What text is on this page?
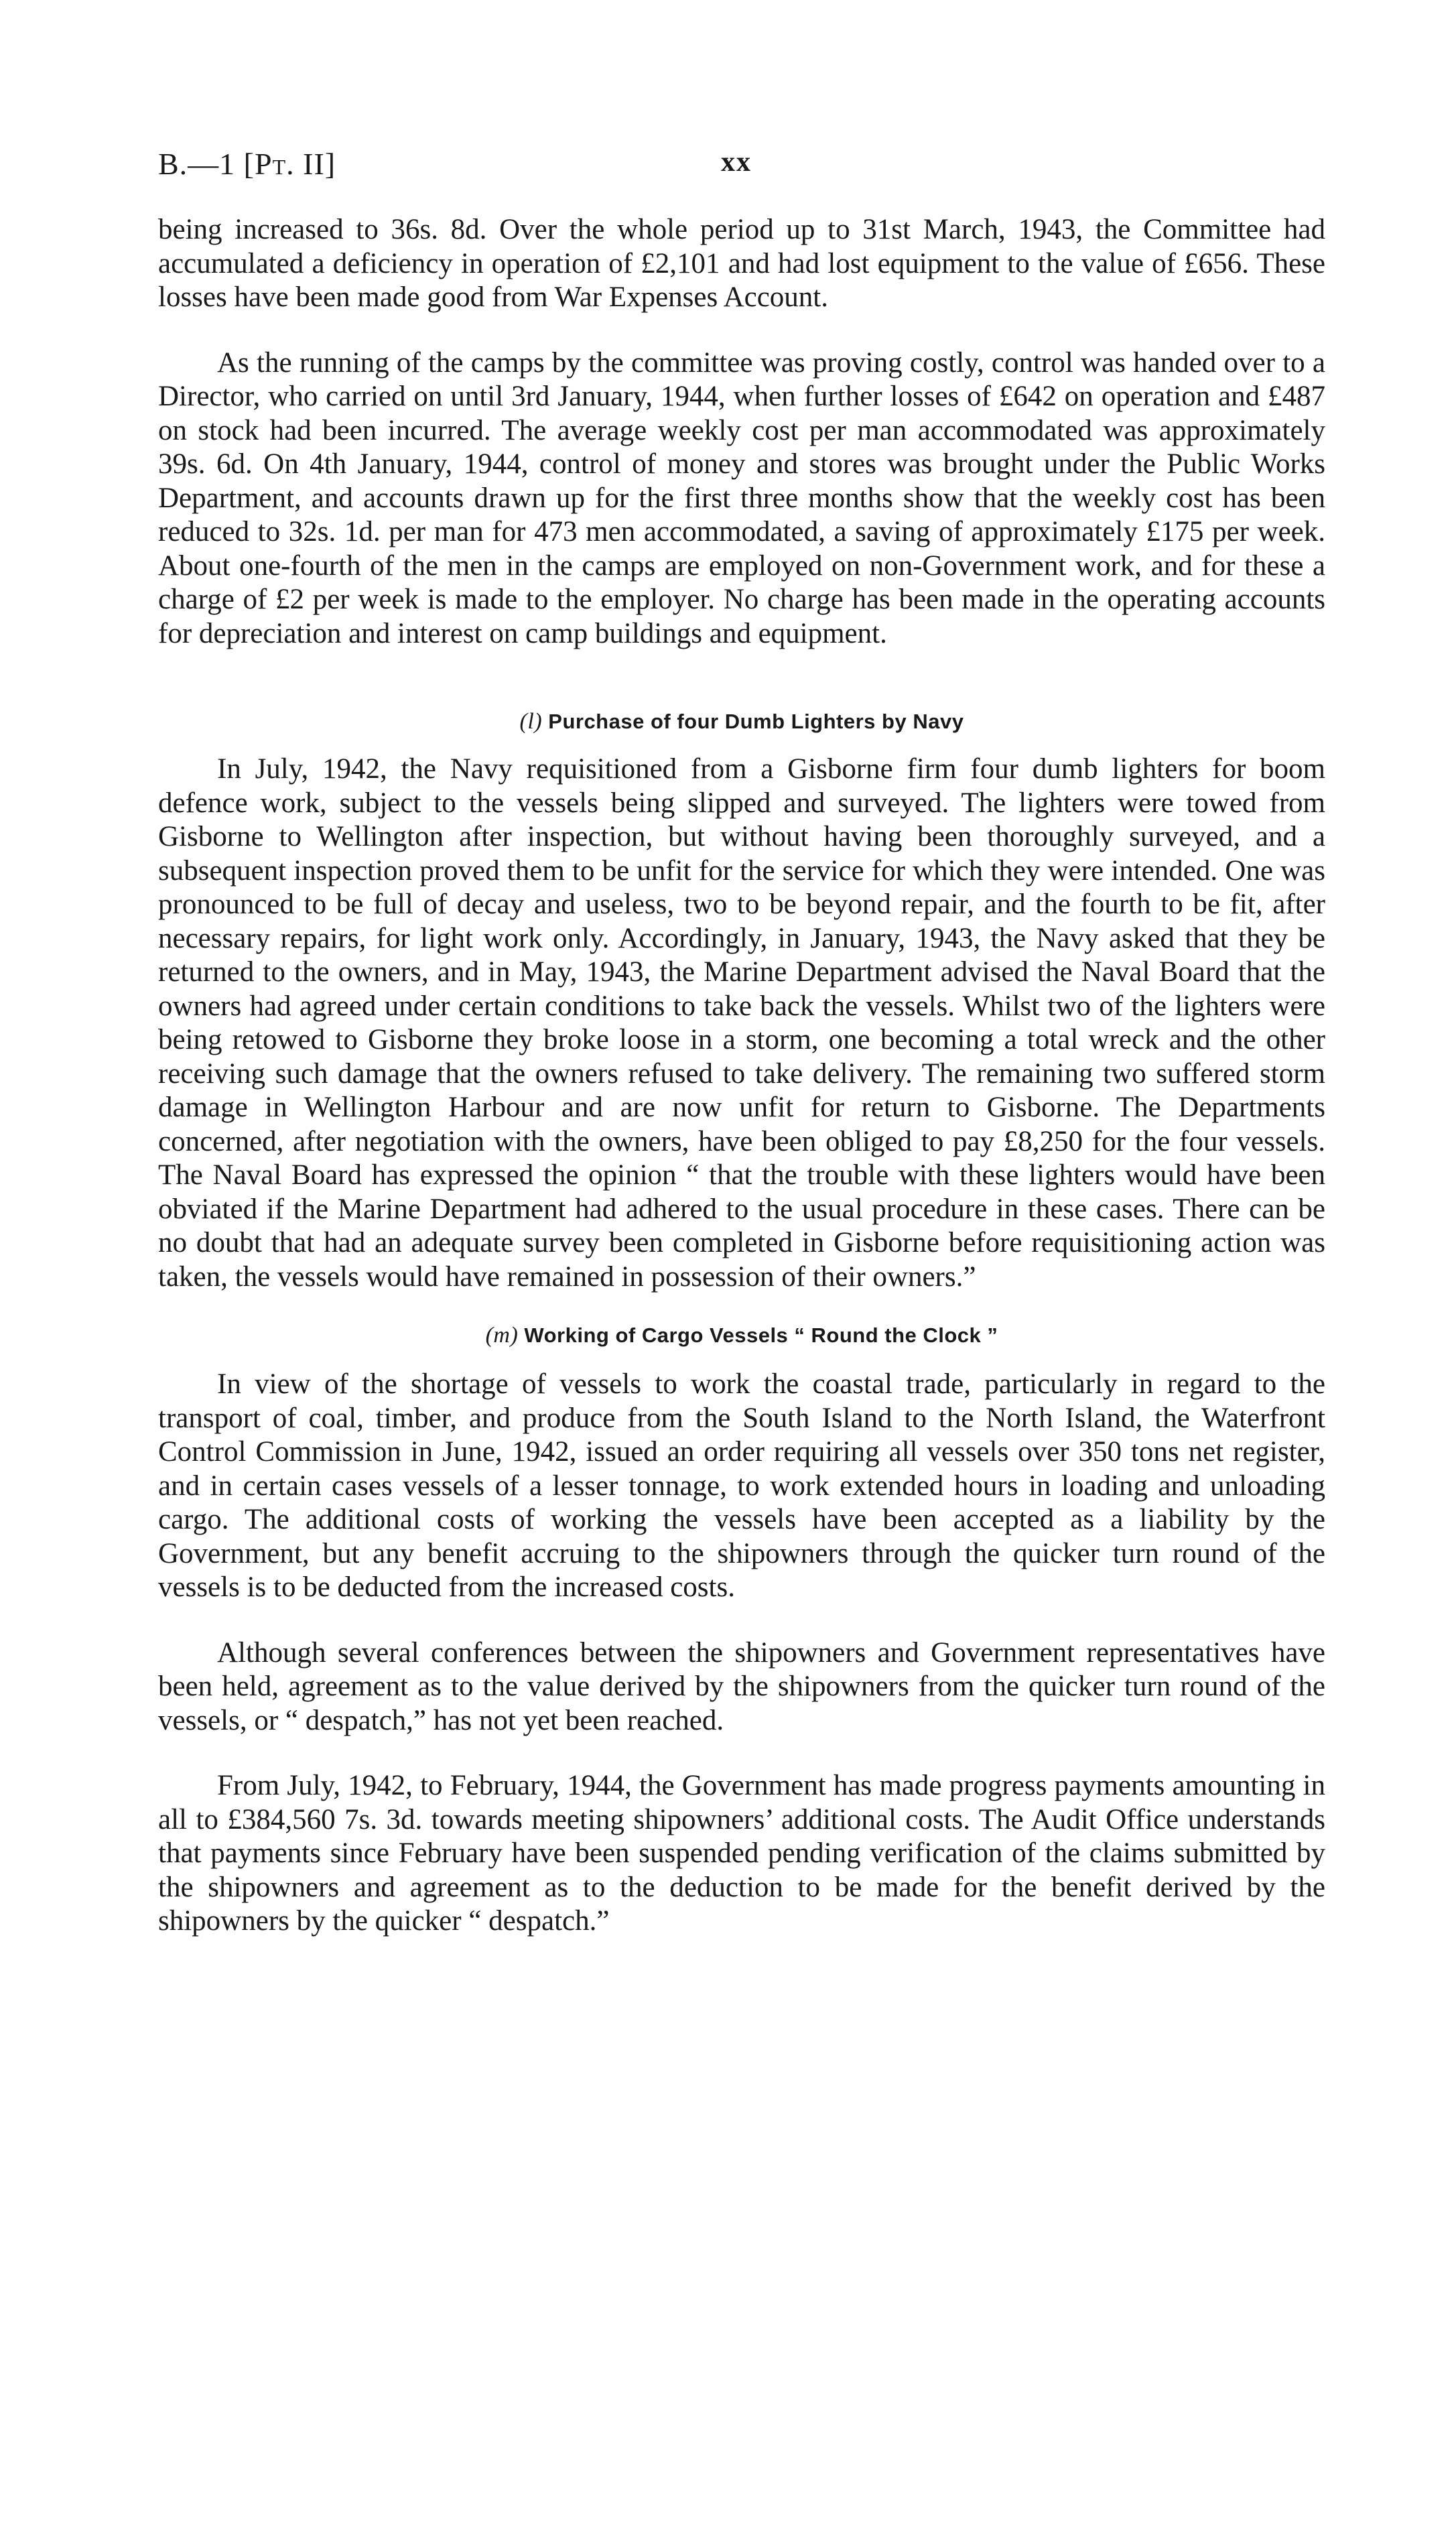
B.—1 [Pt. II]	xx

being increased to 36s. 8d. Over the whole period up to 31st March, 1943, the Committee had accumulated a deficiency in operation of £2,101 and had lost equipment to the value of £656. These losses have been made good from War Expenses Account.

As the running of the camps by the committee was proving costly, control was handed over to a Director, who carried on until 3rd January, 1944, when further losses of £642 on operation and £487 on stock had been incurred. The average weekly cost per man accommodated was approximately 39s. 6d. On 4th January, 1944, control of money and stores was brought under the Public Works Department, and accounts drawn up for the first three months show that the weekly cost has been reduced to 32s. 1d. per man for 473 men accommodated, a saving of approximately £175 per week. About one-fourth of the men in the camps are employed on non-Government work, and for these a charge of £2 per week is made to the employer. No charge has been made in the operating accounts for depreciation and interest on camp buildings and equipment.

(l) Purchase of four Dumb Lighters by Navy

In July, 1942, the Navy requisitioned from a Gisborne firm four dumb lighters for boom defence work, subject to the vessels being slipped and surveyed. The lighters were towed from Gisborne to Wellington after inspection, but without having been thoroughly surveyed, and a subsequent inspection proved them to be unfit for the service for which they were intended. One was pronounced to be full of decay and useless, two to be beyond repair, and the fourth to be fit, after necessary repairs, for light work only. Accordingly, in January, 1943, the Navy asked that they be returned to the owners, and in May, 1943, the Marine Department advised the Naval Board that the owners had agreed under certain conditions to take back the vessels. Whilst two of the lighters were being retowed to Gisborne they broke loose in a storm, one becoming a total wreck and the other receiving such damage that the owners refused to take delivery. The remaining two suffered storm damage in Wellington Harbour and are now unfit for return to Gisborne. The Departments concerned, after negotiation with the owners, have been obliged to pay £8,250 for the four vessels. The Naval Board has expressed the opinion “ that the trouble with these lighters would have been obviated if the Marine Department had adhered to the usual procedure in these cases. There can be no doubt that had an adequate survey been completed in Gisborne before requisitioning action was taken, the vessels would have remained in possession of their owners.”

(m) Working of Cargo Vessels “ Round the Clock ”

In view of the shortage of vessels to work the coastal trade, particularly in regard to the transport of coal, timber, and produce from the South Island to the North Island, the Waterfront Control Commission in June, 1942, issued an order requiring all vessels over 350 tons net register, and in certain cases vessels of a lesser tonnage, to work extended hours in loading and unloading cargo. The additional costs of working the vessels have been accepted as a liability by the Government, but any benefit accruing to the shipowners through the quicker turn round of the vessels is to be deducted from the increased costs.

Although several conferences between the shipowners and Government representatives have been held, agreement as to the value derived by the shipowners from the quicker turn round of the vessels, or “ despatch,” has not yet been reached.

From July, 1942, to February, 1944, the Government has made progress payments amounting in all to £384,560 7s. 3d. towards meeting shipowners’ additional costs. The Audit Office understands that payments since February have been suspended pending verification of the claims submitted by the shipowners and agreement as to the deduction to be made for the benefit derived by the shipowners by the quicker “ despatch.”
